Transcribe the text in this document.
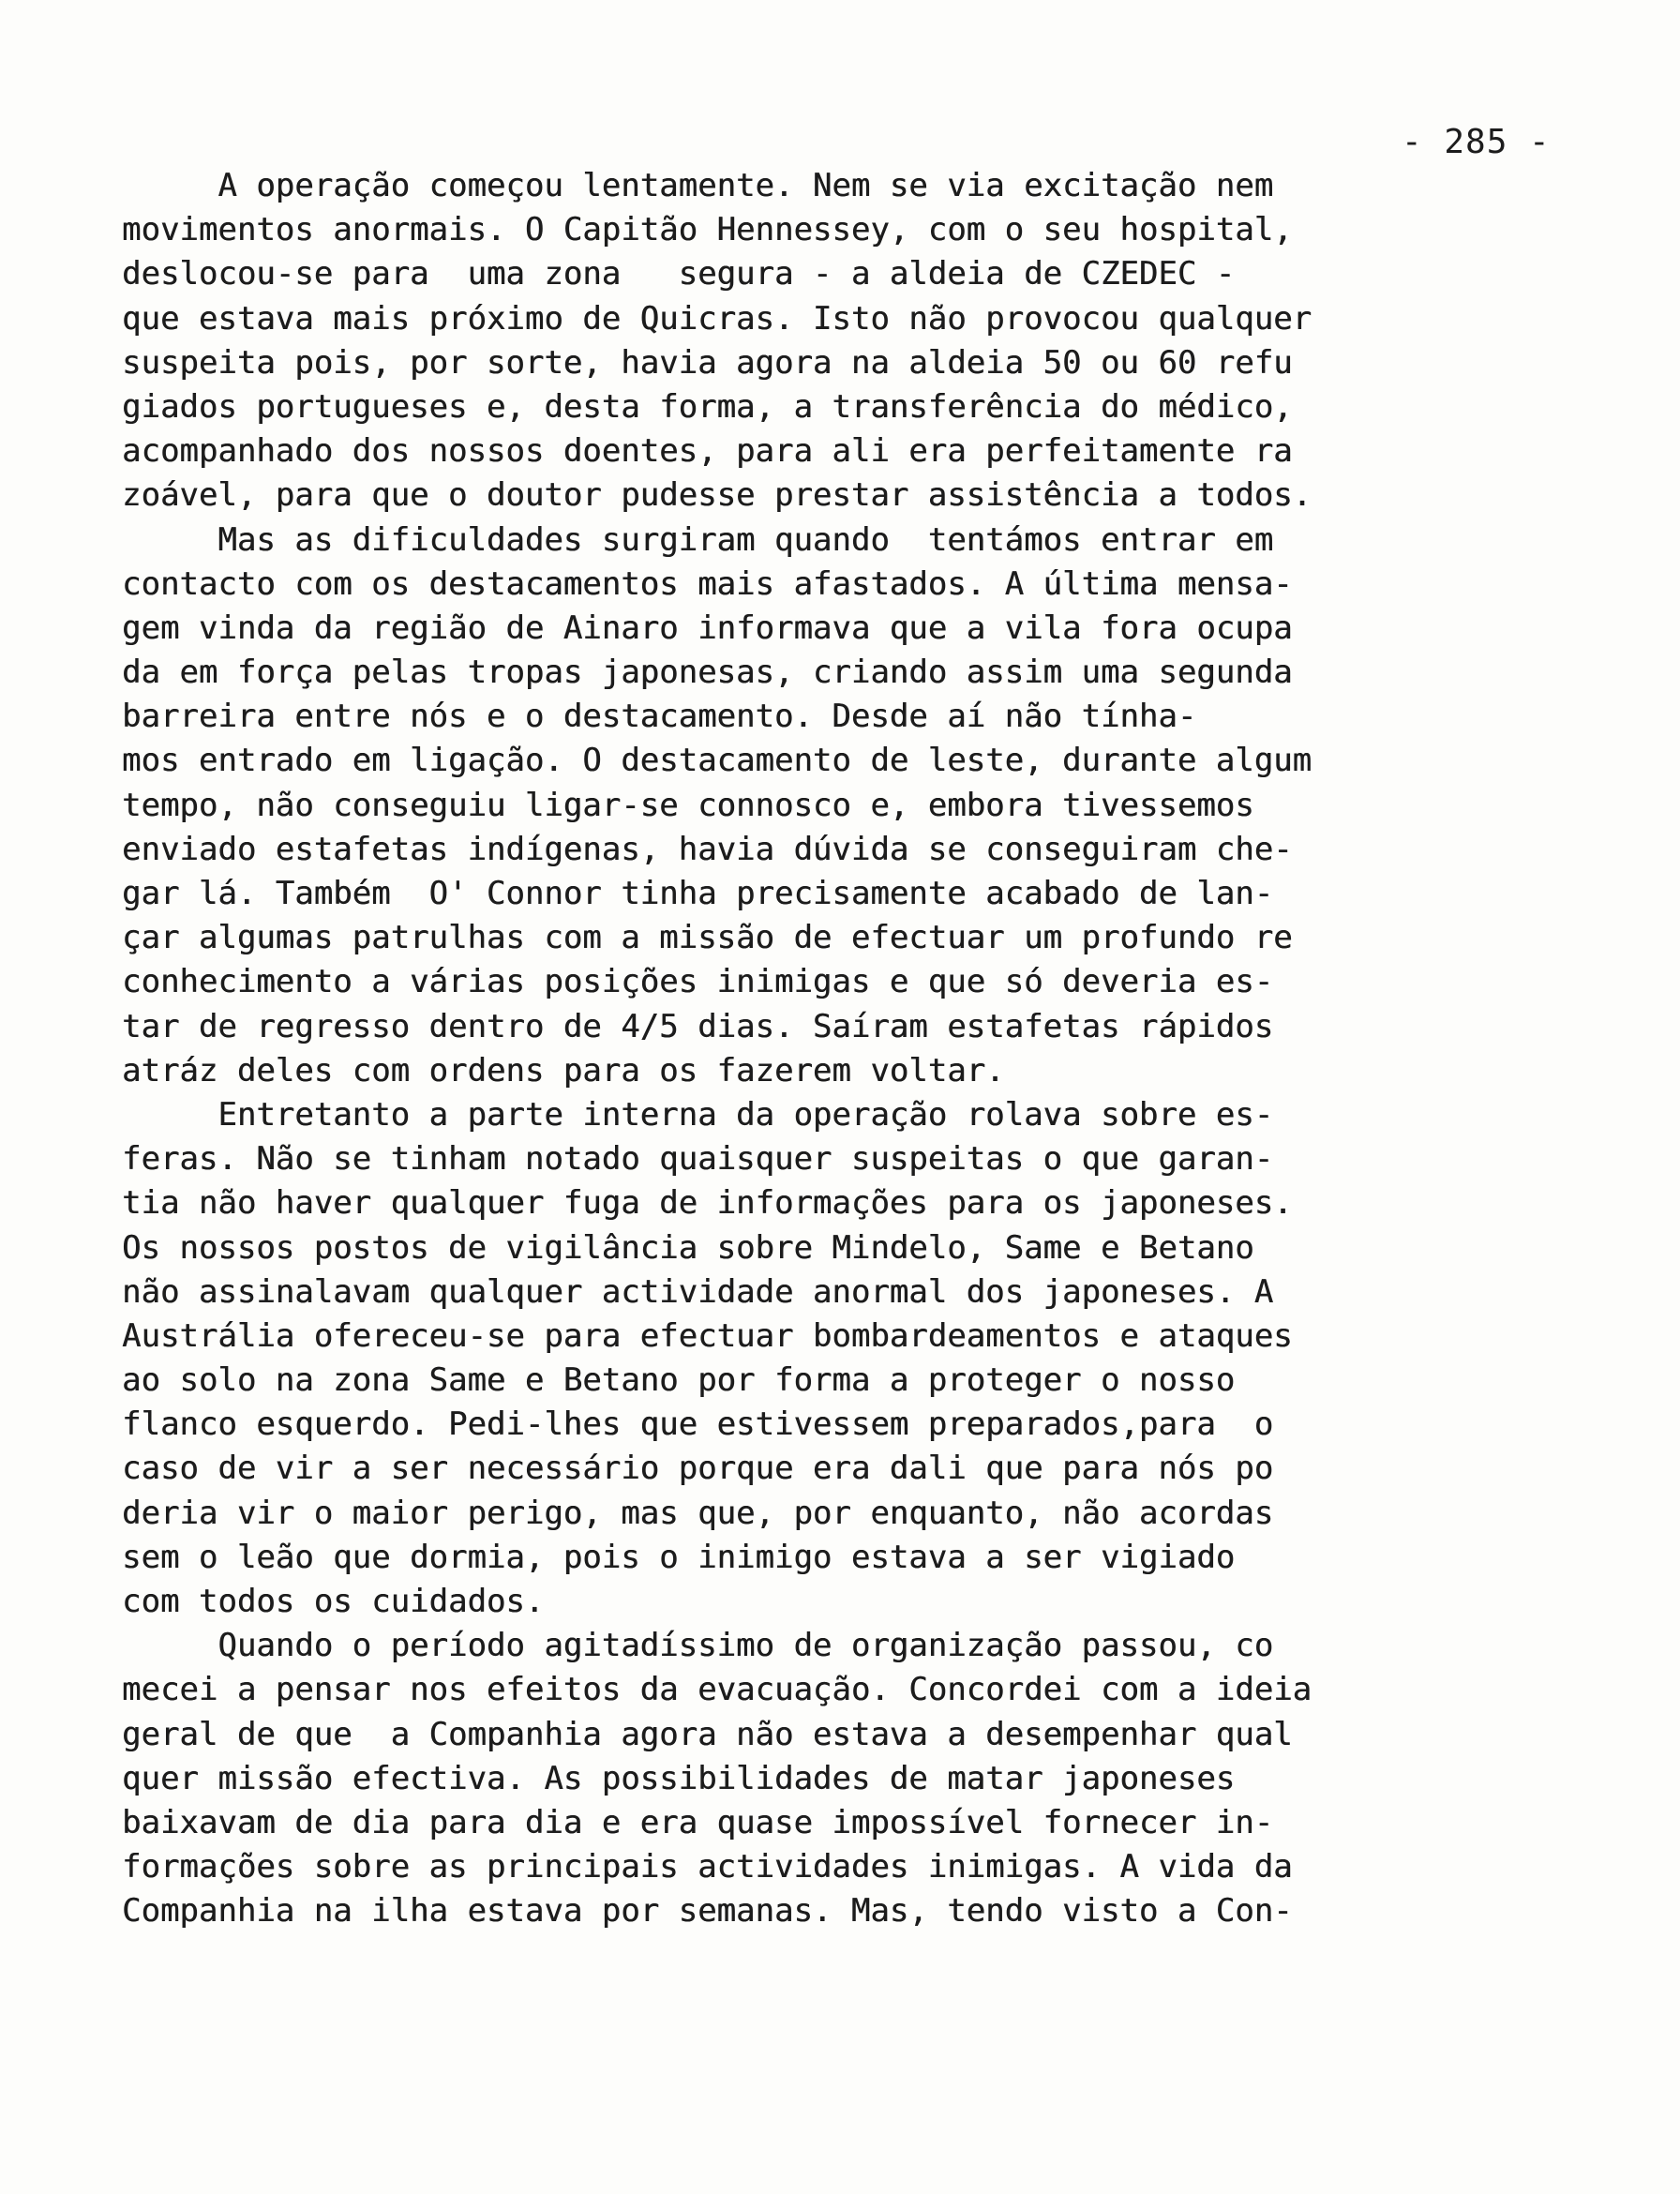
- 285 -
A operação começou lentamente. Nem se via excitação nem
movimentos anormais. O Capitão Hennessey, com o seu hospital,
deslocou-se para  uma zona   segura - a aldeia de CZEDEC -
que estava mais próximo de Quicras. Isto não provocou qualquer
suspeita pois, por sorte, havia agora na aldeia 50 ou 60 refu
giados portugueses e, desta forma, a transferência do médico,
acompanhado dos nossos doentes, para ali era perfeitamente ra
zoável, para que o doutor pudesse prestar assistência a todos.
Mas as dificuldades surgiram quando  tentámos entrar em
contacto com os destacamentos mais afastados. A última mensa-
gem vinda da região de Ainaro informava que a vila fora ocupa
da em força pelas tropas japonesas, criando assim uma segunda
barreira entre nós e o destacamento. Desde aí não tínha-
mos entrado em ligação. O destacamento de leste, durante algum
tempo, não conseguiu ligar-se connosco e, embora tivessemos
enviado estafetas indígenas, havia dúvida se conseguiram che-
gar lá. Também  O' Connor tinha precisamente acabado de lan-
çar algumas patrulhas com a missão de efectuar um profundo re
conhecimento a várias posições inimigas e que só deveria es-
tar de regresso dentro de 4/5 dias. Saíram estafetas rápidos
atráz deles com ordens para os fazerem voltar.
Entretanto a parte interna da operação rolava sobre es-
feras. Não se tinham notado quaisquer suspeitas o que garan-
tia não haver qualquer fuga de informações para os japoneses.
Os nossos postos de vigilância sobre Mindelo, Same e Betano
não assinalavam qualquer actividade anormal dos japoneses. A
Austrália ofereceu-se para efectuar bombardeamentos e ataques
ao solo na zona Same e Betano por forma a proteger o nosso
flanco esquerdo. Pedi-lhes que estivessem preparados,para  o
caso de vir a ser necessário porque era dali que para nós po
deria vir o maior perigo, mas que, por enquanto, não acordas
sem o leão que dormia, pois o inimigo estava a ser vigiado
com todos os cuidados.
Quando o período agitadíssimo de organização passou, co
mecei a pensar nos efeitos da evacuação. Concordei com a ideia
geral de que  a Companhia agora não estava a desempenhar qual
quer missão efectiva. As possibilidades de matar japoneses
baixavam de dia para dia e era quase impossível fornecer in-
formações sobre as principais actividades inimigas. A vida da
Companhia na ilha estava por semanas. Mas, tendo visto a Con-
